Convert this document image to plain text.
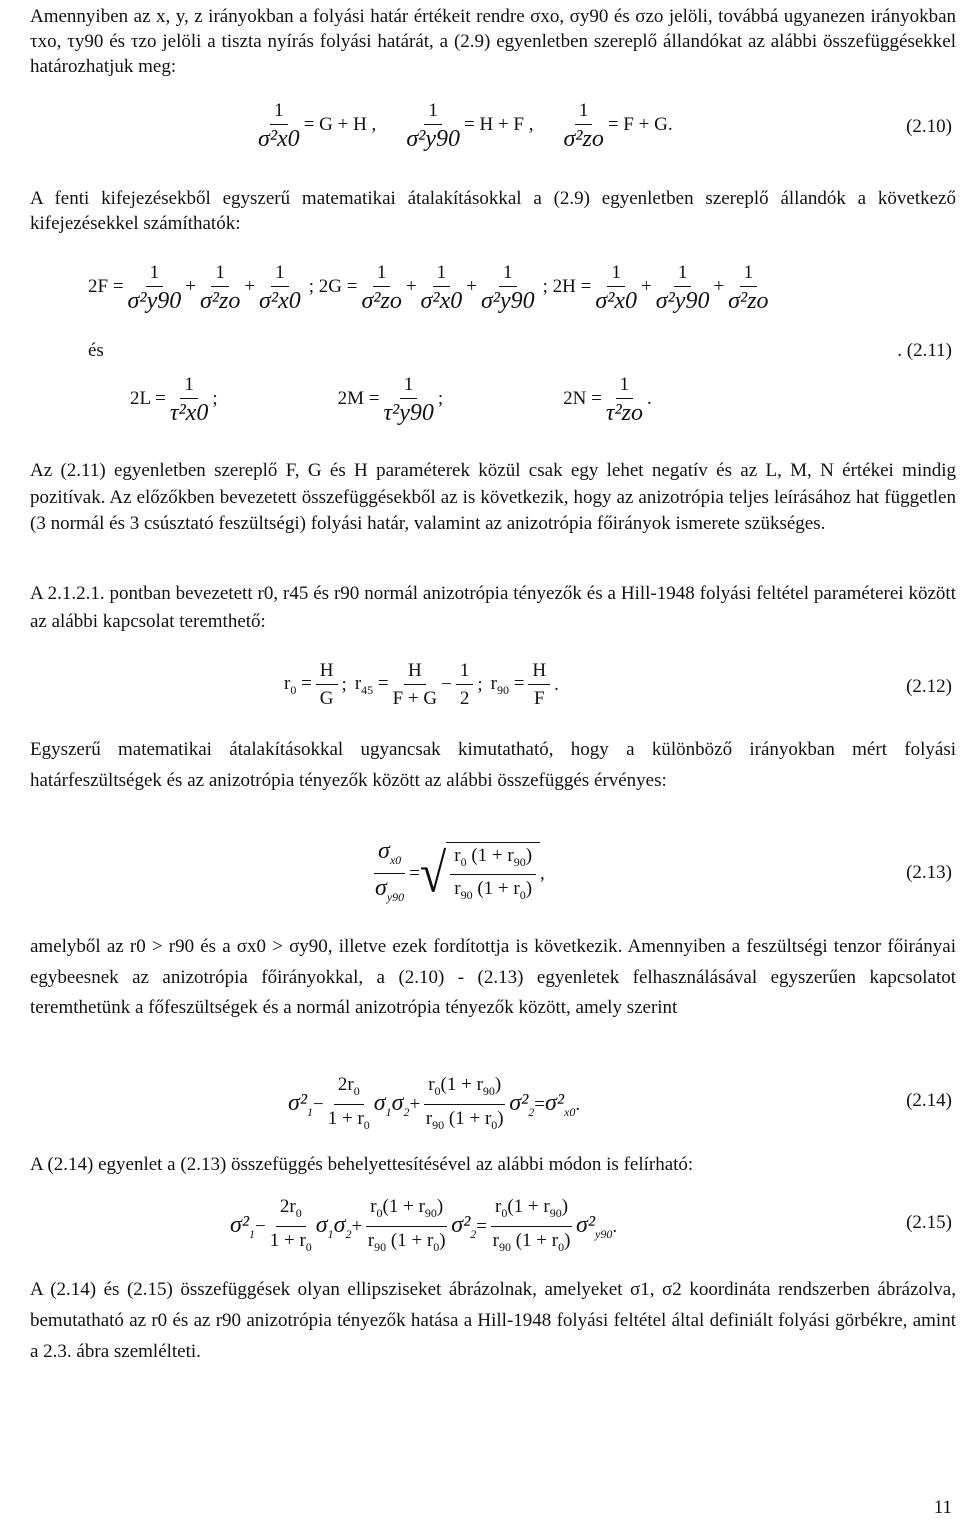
Amennyiben az x, y, z irányokban a folyási határ értékeit rendre σxo, σy90 és σzo jelöli, továbbá ugyanezen irányokban τxo, τy90 és τzo jelöli a tiszta nyírás folyási határát, a (2.9) egyenletben szereplő állandókat az alábbi összefüggésekkel határozhatjuk meg:

$\frac{1}{\text{σ²x0}} = G + H$ , $\frac{1}{\text{σ²y90}} = H + F$ , $\frac{1}{\text{σ²zo}} = F + G$.	(2.10)

A fenti kifejezésekből egyszerű matematikai átalakításokkal a (2.9) egyenletben szereplő állandók a következő kifejezésekkel számíthatók:

$2F = \frac{1}{\text{σ²y90}} + \frac{1}{\text{σ²zo}} + \frac{1}{\text{σ²x0}}$ ; $2G = \frac{1}{\text{σ²zo}} + \frac{1}{\text{σ²x0}} + \frac{1}{\text{σ²y90}}$ ; $2H = \frac{1}{\text{σ²x0}} + \frac{1}{\text{σ²y90}} + \frac{1}{\text{σ²zo}}$
és	. (2.11)
$2L = \frac{1}{\text{τ²x0}}$ ;	$2M = \frac{1}{\text{τ²y90}}$ ;	$2N = \frac{1}{\text{τ²zo}}$ .

Az (2.11) egyenletben szereplő F, G és H paraméterek közül csak egy lehet negatív és az L, M, N értékei mindig pozitívak. Az előzőkben bevezetett összefüggésekből az is következik, hogy az anizotrópia teljes leírásához hat független (3 normál és 3 csúsztató feszültségi) folyási határ, valamint az anizotrópia főirányok ismerete szükséges.

A 2.1.2.1. pontban bevezetett r0, r45 és r90 normál anizotrópia tényezők és a Hill-1948 folyási feltétel paraméterei között az alábbi kapcsolat teremthető:

$r_0 = \frac{H}{G}$ ; $r_{45} = \frac{H}{F + G} - \frac{1}{2}$ ; $r_{90} = \frac{H}{F}$ .	(2.12)

Egyszerű matematikai átalakításokkal ugyancsak kimutatható, hogy a különböző irányokban mért folyási határfeszültségek és az anizotrópia tényezők között az alábbi összefüggés érvényes:

$\frac{\sigma_{x0}}{\sigma_{y90}}$ = √ $\frac{r_0 (1 + r_{90})}{r_{90} (1 + r_0)}$ ,	(2.13)

amelyből az r0 > r90 és a σx0 > σy90, illetve ezek fordítottja is következik. Amennyiben a feszültségi tenzor főirányai egybeesnek az anizotrópia főirányokkal, a (2.10) - (2.13) egyenletek felhasználásával egyszerűen kapcsolatot teremthetünk a főfeszültségek és a normál anizotrópia tényezők között, amely szerint

$\sigma^2_1 - \frac{2r_0}{1 + r_0} \sigma_1\sigma_2 + \frac{r_0(1 + r_{90})}{r_{90} (1 + r_0)} \sigma^2_2 = \sigma^2_{x0}$ .	(2.14)

A (2.14) egyenlet a (2.13) összefüggés behelyettesítésével az alábbi módon is felírható:

$\sigma^2_1 - \frac{2r_0}{1 + r_0} \sigma_1\sigma_2 + \frac{r_0(1 + r_{90})}{r_{90} (1 + r_0)} \sigma^2_2 = \frac{r_0(1 + r_{90})}{r_{90} (1 + r_0)} \sigma^2_{y90}$ .	(2.15)

A (2.14) és (2.15) összefüggések olyan ellipsziseket ábrázolnak, amelyeket σ1, σ2 koordináta rendszerben ábrázolva, bemutatható az r0 és az r90 anizotrópia tényezők hatása a Hill-1948 folyási feltétel által definiált folyási görbékre, amint a 2.3. ábra szemlélteti.

11
